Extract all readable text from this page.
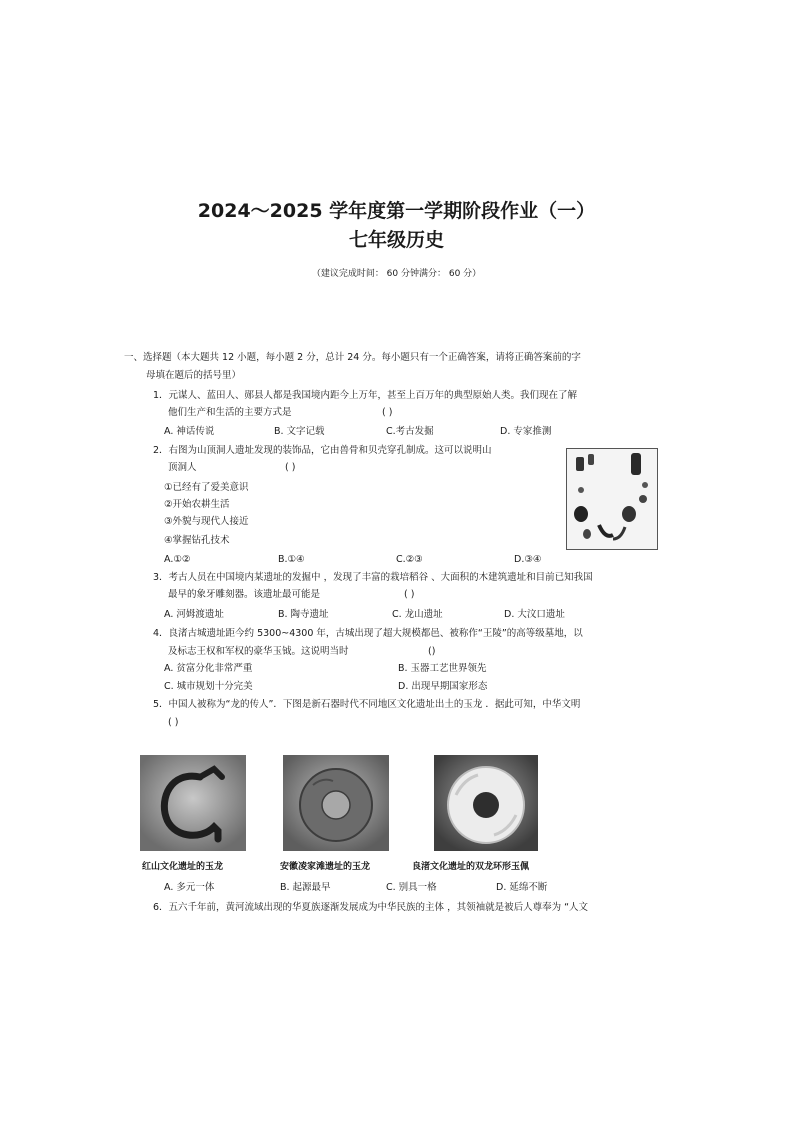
2024～2025 学年度第一学期阶段作业（一）
七年级历史
（建议完成时间： 60 分钟满分： 60 分）
一、选择题（本大题共 12 小题，每小题 2 分，总计 24 分。每小题只有一个正确答案，请将正确答案前的字
母填在题后的括号里）
1．元谋人、蓝田人、郧县人都是我国境内距今上万年，甚至上百万年的典型原始人类。我们现在了解
他们生产和生活的主要方式是	( )
A. 神话传说	B. 文字记载	C.考古发掘	D. 专家推测
2．右图为山顶洞人遗址发现的装饰品，它由兽骨和贝壳穿孔制成。这可以说明山
顶洞人	( )
①已经有了爱美意识
②开始农耕生活
③外貌与现代人接近
④掌握钻孔技术
A.①②	B.①④	C.②③	D.③④
3．考古人员在中国境内某遗址的发掘中 ，发现了丰富的栽培稻谷 、大面积的木建筑遗址和目前已知我国
最早的象牙雕刻器。该遗址最可能是	( )
A. 河姆渡遗址	B. 陶寺遗址	C. 龙山遗址	D. 大汶口遗址
4．良渚古城遗址距今约 5300~4300 年，古城出现了超大规模都邑、被称作“王陵”的高等级墓地，以
及标志王权和军权的豪华玉钺。这说明当时	()
A. 贫富分化非常严重	B. 玉器工艺世界领先
C. 城市规划十分完美	D. 出现早期国家形态
5．中国人被称为“龙的传人”．下图是新石器时代不同地区文化遗址出土的玉龙 ．据此可知，中华文明
( )
红山文化遗址的玉龙	安徽凌家滩遗址的玉龙	良渚文化遗址的双龙环形玉佩
A. 多元一体	B. 起源最早	C. 别具一格	D. 延绵不断
6．五六千年前，黄河流域出现的华夏族逐渐发展成为中华民族的主体 ，其领袖就是被后人尊奉为 “人文
